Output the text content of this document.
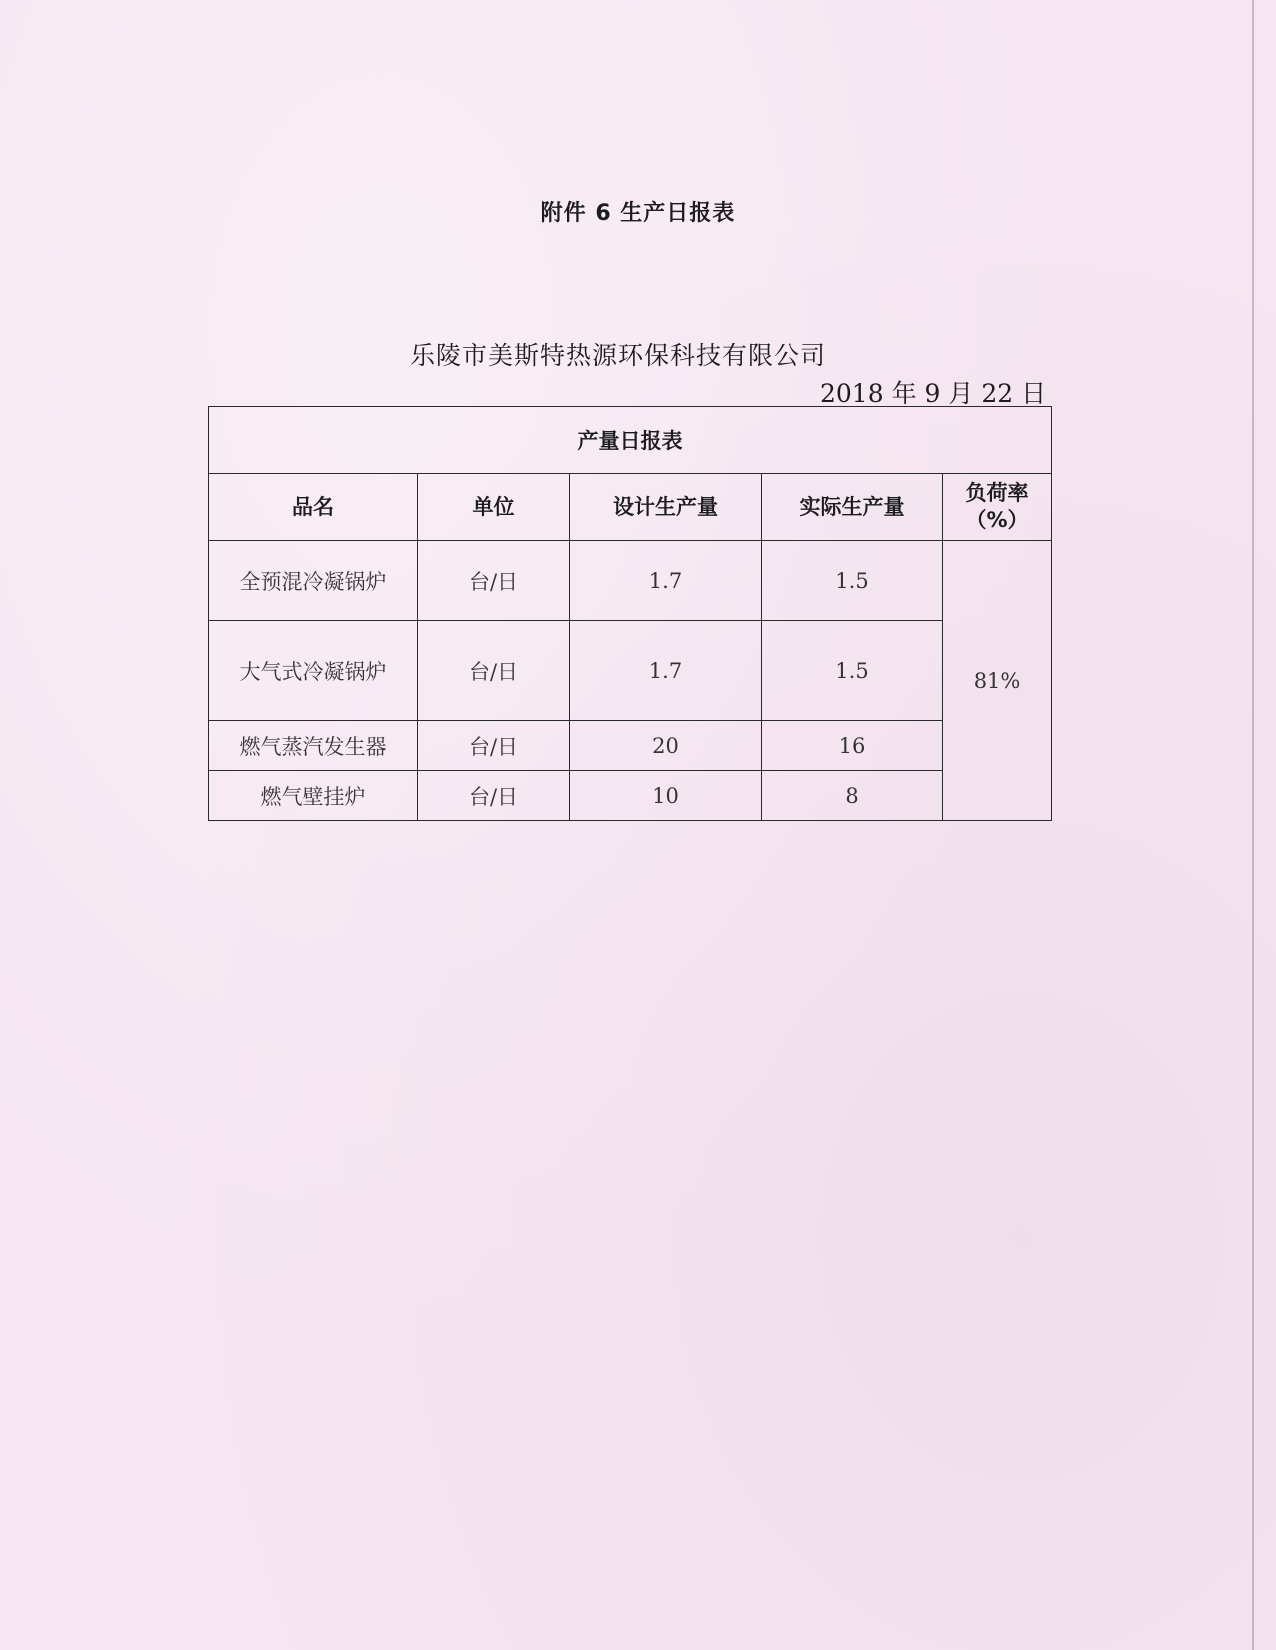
附件 6 生产日报表
乐陵市美斯特热源环保科技有限公司
2018 年 9 月 22 日
产量日报表				
品名	单位	设计生产量	实际生产量	负荷率
（%）

全预混冷凝锅炉	台/日	1.7	1.5	81%
大气式冷凝锅炉	台/日	1.7	1.5	
燃气蒸汽发生器	台/日	20	16	
燃气壁挂炉	台/日	10	8	
